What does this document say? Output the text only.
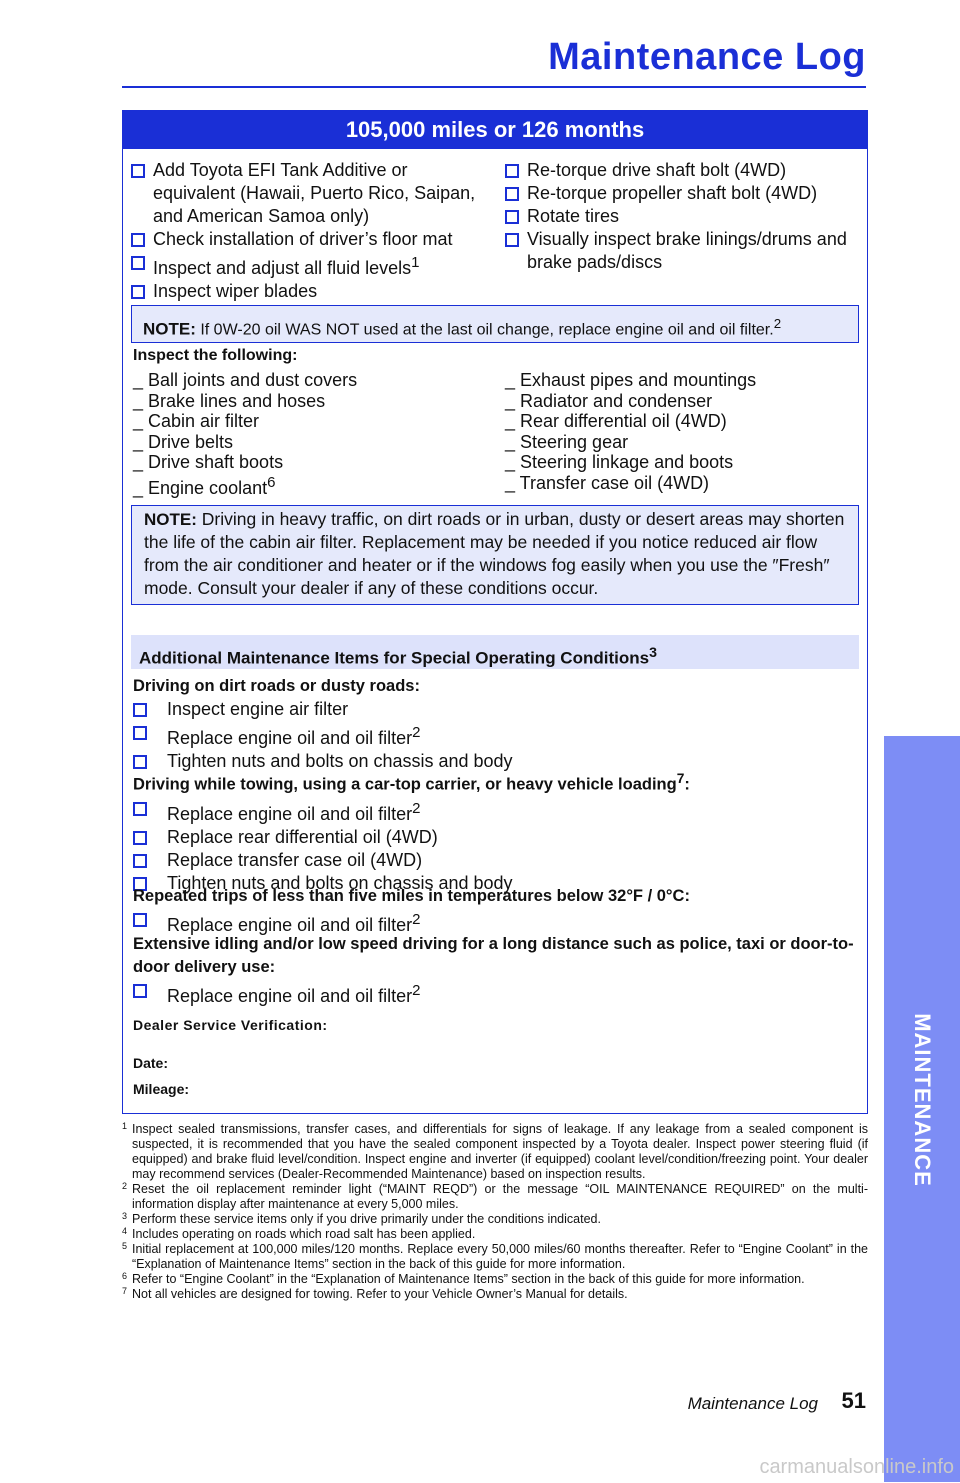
Maintenance Log
MAINTENANCE
105,000 miles or 126 months
Add Toyota EFI Tank Additive or equivalent (Hawaii, Puerto Rico, Saipan, and American Samoa only)
Check installation of driver’s floor mat
Inspect and adjust all fluid levels$^1$
Inspect wiper blades
Re-torque drive shaft bolt (4WD)
Re-torque propeller shaft bolt (4WD)
Rotate tires
Visually inspect brake linings/drums and brake pads/discs
NOTE: If 0W-20 oil WAS NOT used at the last oil change, replace engine oil and oil filter.$^2$
Inspect the following:
_ Ball joints and dust covers
_ Brake lines and hoses
_ Cabin air filter
_ Drive belts
_ Drive shaft boots
_ Engine coolant$^6$
_ Exhaust pipes and mountings
_ Radiator and condenser
_ Rear differential oil (4WD)
_ Steering gear
_ Steering linkage and boots
_ Transfer case oil (4WD)
NOTE: Driving in heavy traffic, on dirt roads or in urban, dusty or desert areas may shorten the life of the cabin air filter. Replacement may be needed if you notice reduced air flow from the air conditioner and heater or if the windows fog easily when you use the ″Fresh″ mode. Consult your dealer if any of these conditions occur.
Additional Maintenance Items for Special Operating Conditions$^3$
Driving on dirt roads or dusty roads:
Inspect engine air filter
Replace engine oil and oil filter$^2$
Tighten nuts and bolts on chassis and body
Driving while towing, using a car-top carrier, or heavy vehicle loading$^7$:
Replace engine oil and oil filter$^2$
Replace rear differential oil (4WD)
Replace transfer case oil (4WD)
Tighten nuts and bolts on chassis and body
Repeated trips of less than five miles in temperatures below 32°F / 0°C:
Replace engine oil and oil filter$^2$
Extensive idling and/or low speed driving for a long distance such as police, taxi or door-to-door delivery use:
Replace engine oil and oil filter$^2$
Dealer Service Verification:
Date:
Mileage:
1 Inspect sealed transmissions, transfer cases, and differentials for signs of leakage. If any leakage from a sealed component is suspected, it is recommended that you have the sealed component inspected by a Toyota dealer. Inspect power steering fluid (if equipped) and brake fluid level/condition. Inspect engine and inverter (if equipped) coolant level/condition/freezing point. Your dealer may recommend services (Dealer-Recommended Maintenance) based on inspection results.
2 Reset the oil replacement reminder light (“MAINT REQD”) or the message “OIL MAINTENANCE REQUIRED” on the multi-information display after maintenance at every 5,000 miles.
3 Perform these service items only if you drive primarily under the conditions indicated.
4 Includes operating on roads which road salt has been applied.
5 Initial replacement at 100,000 miles/120 months. Replace every 50,000 miles/60 months thereafter. Refer to “Engine Coolant” in the “Explanation of Maintenance Items” section in the back of this guide for more information.
6 Refer to “Engine Coolant” in the “Explanation of Maintenance Items” section in the back of this guide for more information.
7 Not all vehicles are designed for towing. Refer to your Vehicle Owner’s Manual for details.
Maintenance Log 51
carmanualsonline.info
